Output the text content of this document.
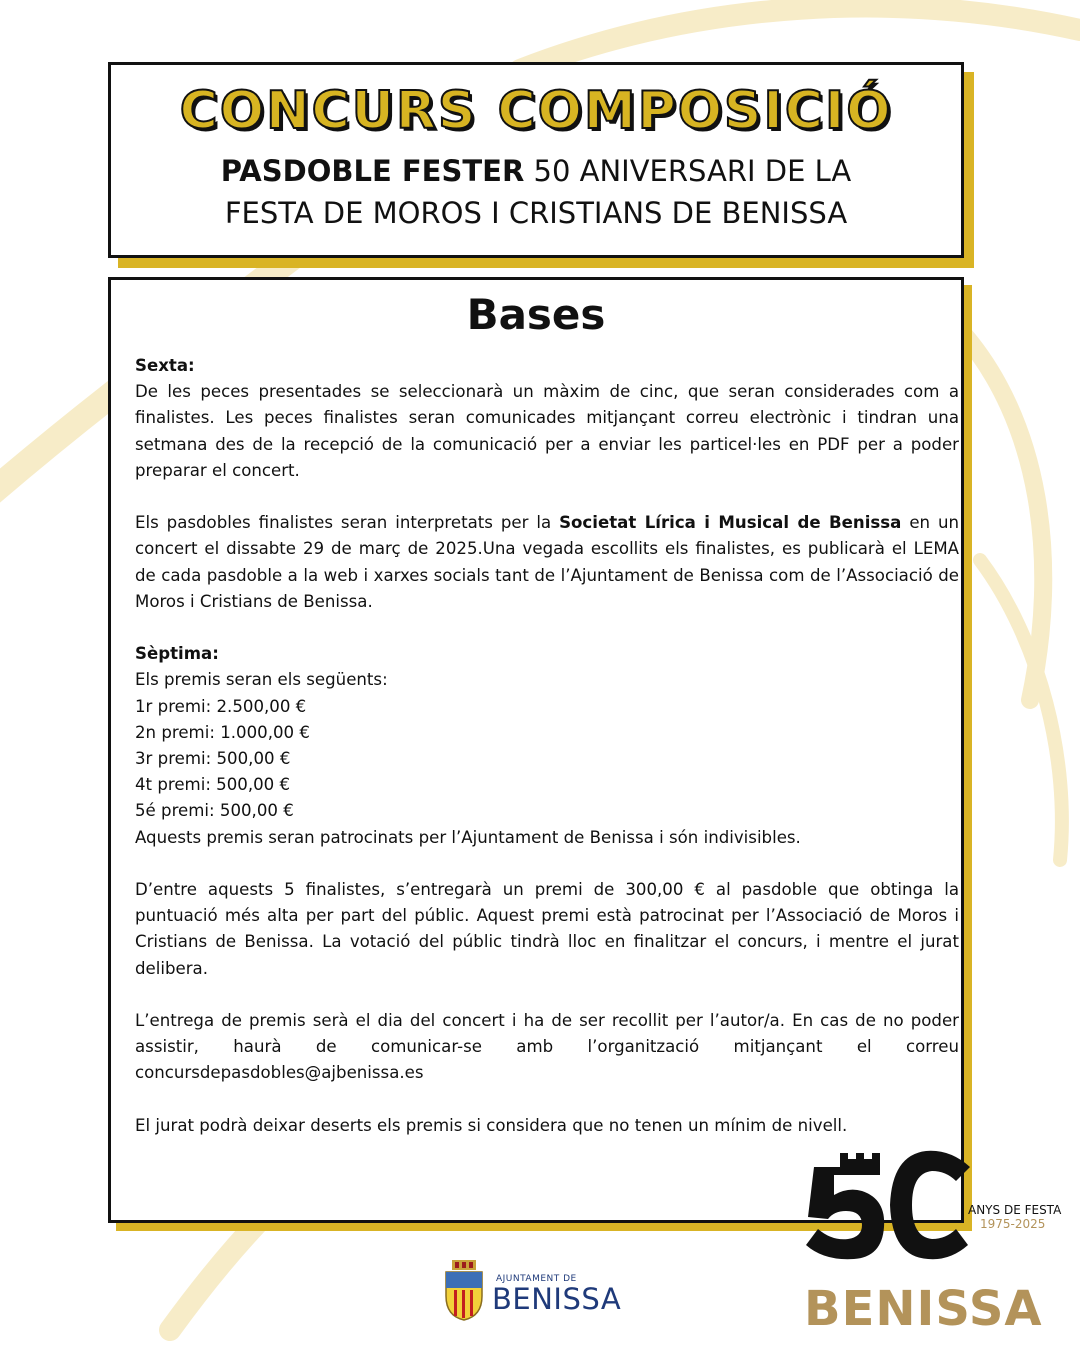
CONCURS COMPOSICIÓ
PASDOBLE FESTER 50 ANIVERSARI DE LA
FESTA DE MOROS I CRISTIANS DE BENISSA
Bases

Sexta:

De les peces presentades se seleccionarà un màxim de cinc, que seran considerades com a finalistes. Les peces finalistes seran comunicades mitjançant correu electrònic i tindran una setmana des de la recepció de la comunicació per a enviar les particel·les en PDF per a poder preparar el concert.

Els pasdobles finalistes seran interpretats per la Societat Lírica i Musical de Benissa en un concert el dissabte 29 de març de 2025.Una vegada escollits els finalistes, es publicarà el LEMA de cada pasdoble a la web i xarxes socials tant de l’Ajuntament de Benissa com de l’Associació de Moros i Cristians de Benissa.

Sèptima:

Els premis seran els següents:

1r premi: 2.500,00 €

2n premi: 1.000,00 €

3r premi: 500,00 €

4t premi: 500,00 €

5é premi: 500,00 €

Aquests premis seran patrocinats per l’Ajuntament de Benissa i són indivisibles.

D’entre aquests 5 finalistes, s’entregarà un premi de 300,00 € al pasdoble que obtinga la puntuació més alta per part del públic. Aquest premi està patrocinat per l’Associació de Moros i Cristians de Benissa. La votació del públic tindrà lloc en finalitzar el concurs, i mentre el jurat delibera.

L’entrega de premis serà el dia del concert i ha de ser recollit per l’autor/a. En cas de no poder assistir, haurà de comunicar-se amb l’organització mitjançant el correu concursdepasdobles@ajbenissa.es

El jurat podrà deixar deserts els premis si considera que no tenen un mínim de nivell.

AJUNTAMENT DE
BENISSA
ANYS DE FESTA
1975-2025
BENISSA
